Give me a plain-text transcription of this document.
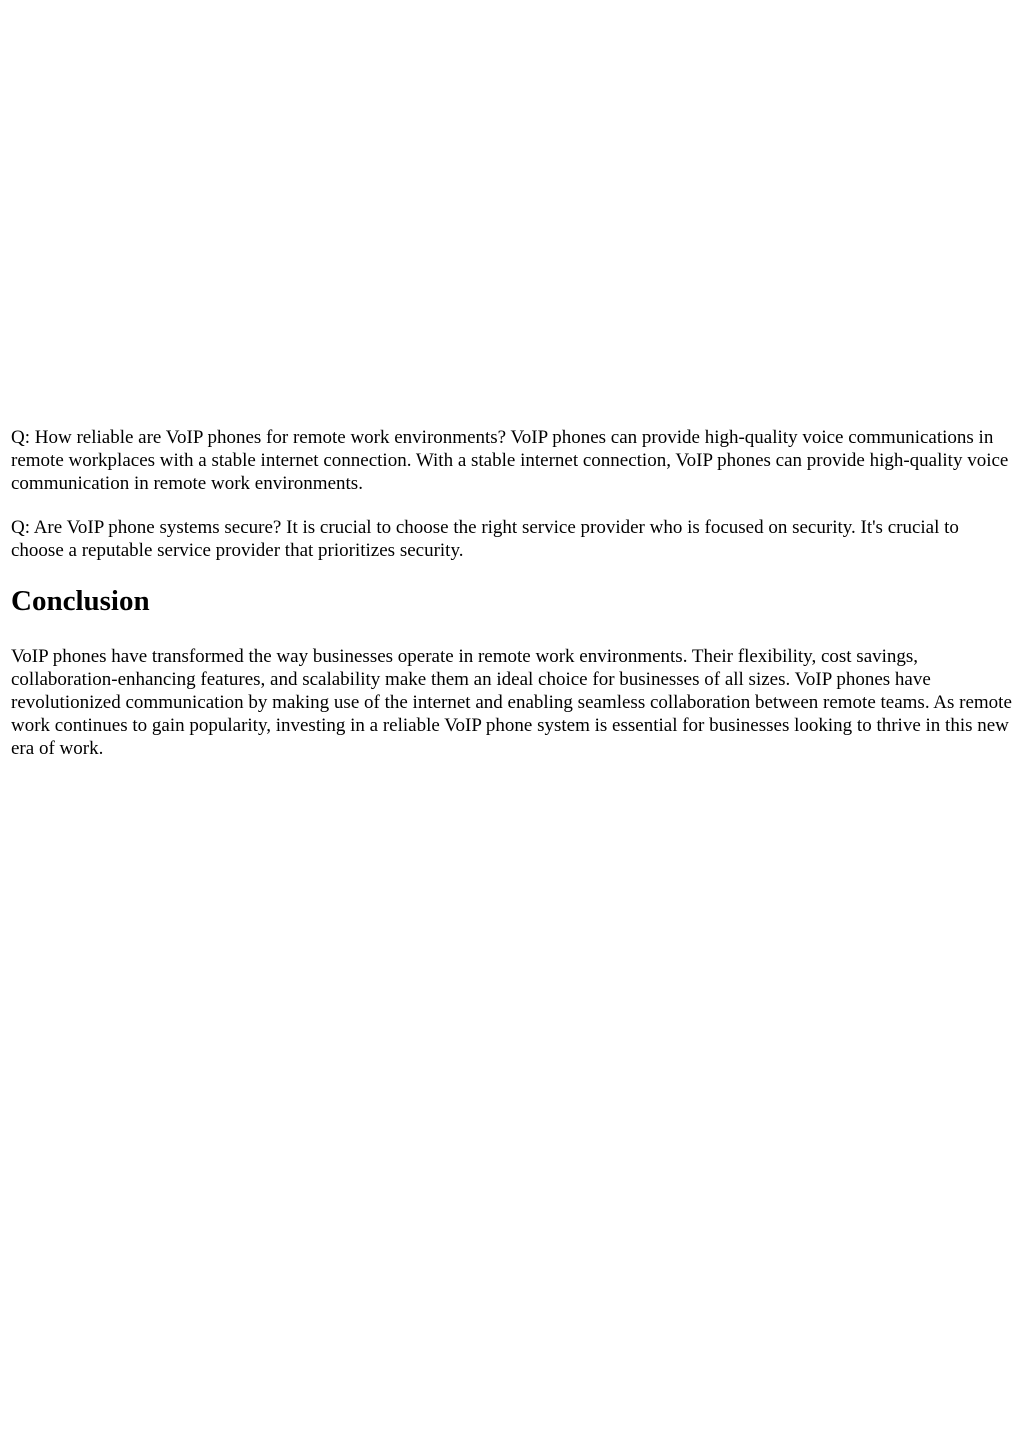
Q: How reliable are VoIP phones for remote work environments? VoIP phones can provide high-quality voice communications in remote workplaces with a stable internet connection. With a stable internet connection, VoIP phones can provide high-quality voice communication in remote work environments.

Q: Are VoIP phone systems secure? It is crucial to choose the right service provider who is focused on security. It's crucial to choose a reputable service provider that prioritizes security.

Conclusion

VoIP phones have transformed the way businesses operate in remote work environments. Their flexibility, cost savings, collaboration-enhancing features, and scalability make them an ideal choice for businesses of all sizes. VoIP phones have revolutionized communication by making use of the internet and enabling seamless collaboration between remote teams. As remote work continues to gain popularity, investing in a reliable VoIP phone system is essential for businesses looking to thrive in this new era of work.
